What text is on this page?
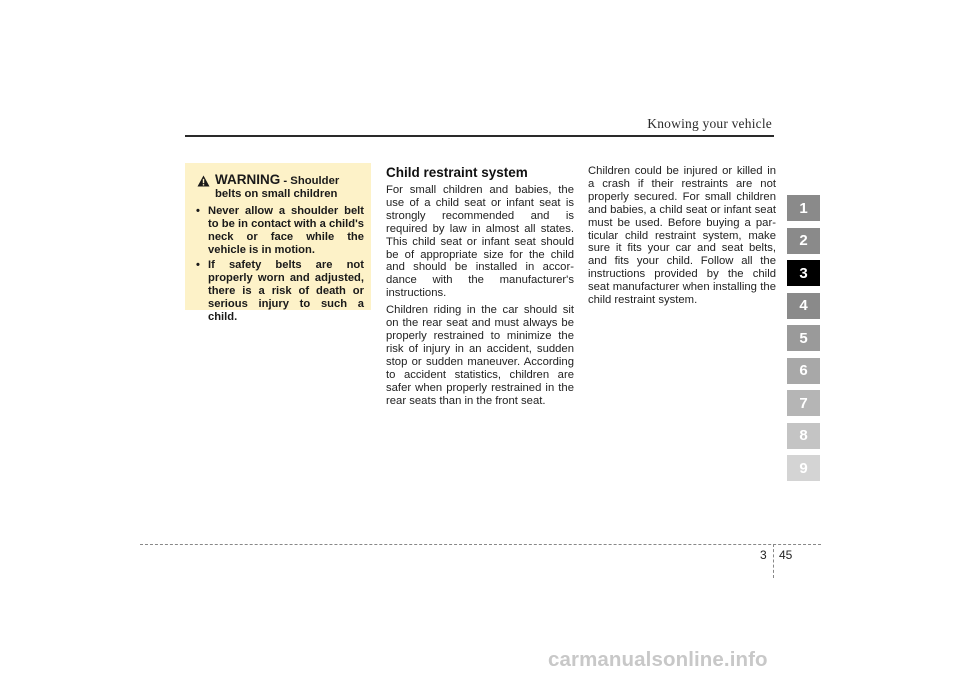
Knowing your vehicle
WARNING - Shoulder
belts on small children
• Never allow a shoulder belt to be in contact with a child's neck or face while the vehicle is in motion.
• If safety belts are not properly worn and adjusted, there is a risk of death or serious injury to such a child.
Child restraint system

For small children and babies, the use of a child seat or infant seat is strongly recommended and is required by law in almost all states. This child seat or infant seat should be of appropriate size for the child and should be installed in accor-dance with the manufacturer's instructions.

Children riding in the car should sit on the rear seat and must always be properly restrained to minimize the risk of injury in an accident, sudden stop or sudden maneuver. According to accident statistics, children are safer when properly restrained in the rear seats than in the front seat.

Children could be injured or killed in a crash if their restraints are not properly secured. For small children and babies, a child seat or infant seat must be used. Before buying a par-ticular child restraint system, make sure it fits your car and seat belts, and fits your child. Follow all the instructions provided by the child seat manufacturer when installing the child restraint system.

1
2
3
4
5
6
7
8
9
3 45
carmanualsonline.info
